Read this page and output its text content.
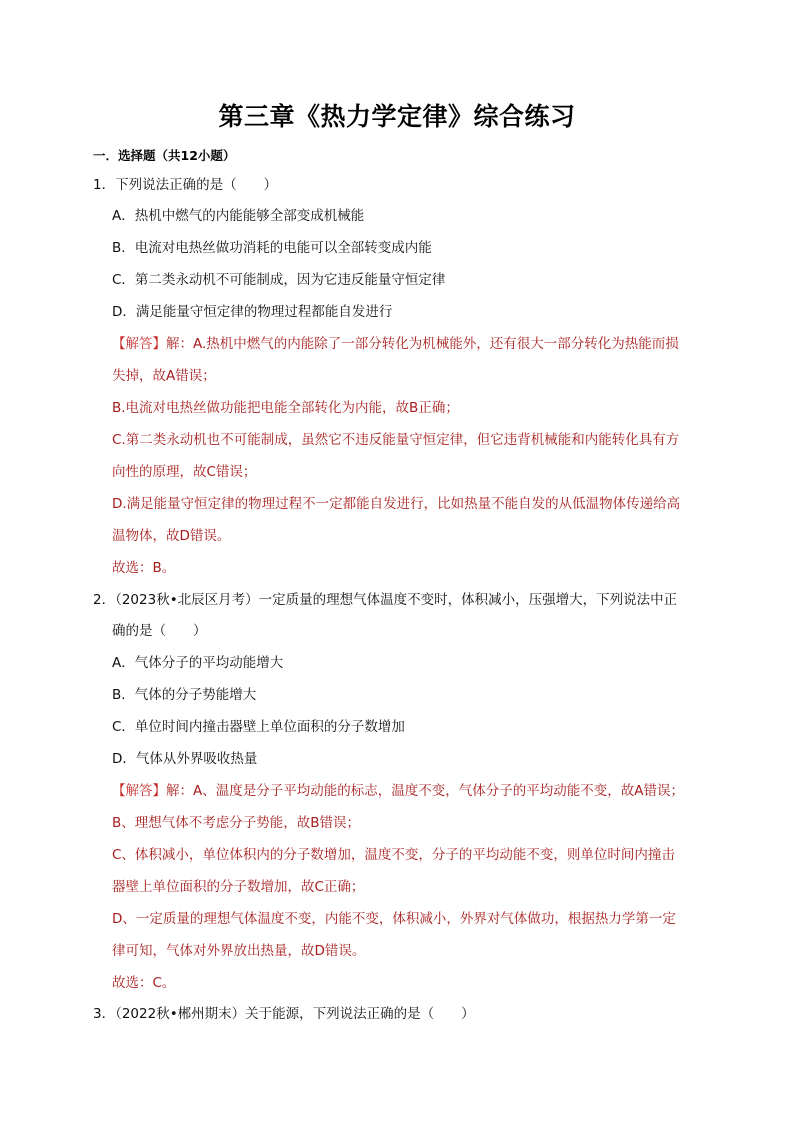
第三章《热力学定律》综合练习
一．选择题（共12小题）
1．下列说法正确的是（　　）
A．热机中燃气的内能能够全部变成机械能
B．电流对电热丝做功消耗的电能可以全部转变成内能
C．第二类永动机不可能制成，因为它违反能量守恒定律
D．满足能量守恒定律的物理过程都能自发进行
【解答】解：A.热机中燃气的内能除了一部分转化为机械能外，还有很大一部分转化为热能而损
失掉，故A错误；
B.电流对电热丝做功能把电能全部转化为内能，故B正确；
C.第二类永动机也不可能制成，虽然它不违反能量守恒定律，但它违背机械能和内能转化具有方
向性的原理，故C错误；
D.满足能量守恒定律的物理过程不一定都能自发进行，比如热量不能自发的从低温物体传递给高
温物体，故D错误。
故选：B。
2．（2023秋•北辰区月考）一定质量的理想气体温度不变时，体积减小，压强增大，下列说法中正
确的是（　　）
A．气体分子的平均动能增大
B．气体的分子势能增大
C．单位时间内撞击器壁上单位面积的分子数增加
D．气体从外界吸收热量
【解答】解：A、温度是分子平均动能的标志，温度不变，气体分子的平均动能不变，故A错误；
B、理想气体不考虑分子势能，故B错误；
C、体积减小，单位体积内的分子数增加，温度不变，分子的平均动能不变，则单位时间内撞击
器壁上单位面积的分子数增加，故C正确；
D、一定质量的理想气体温度不变，内能不变，体积减小，外界对气体做功，根据热力学第一定
律可知，气体对外界放出热量，故D错误。
故选：C。
3．（2022秋•郴州期末）关于能源，下列说法正确的是（　　）
